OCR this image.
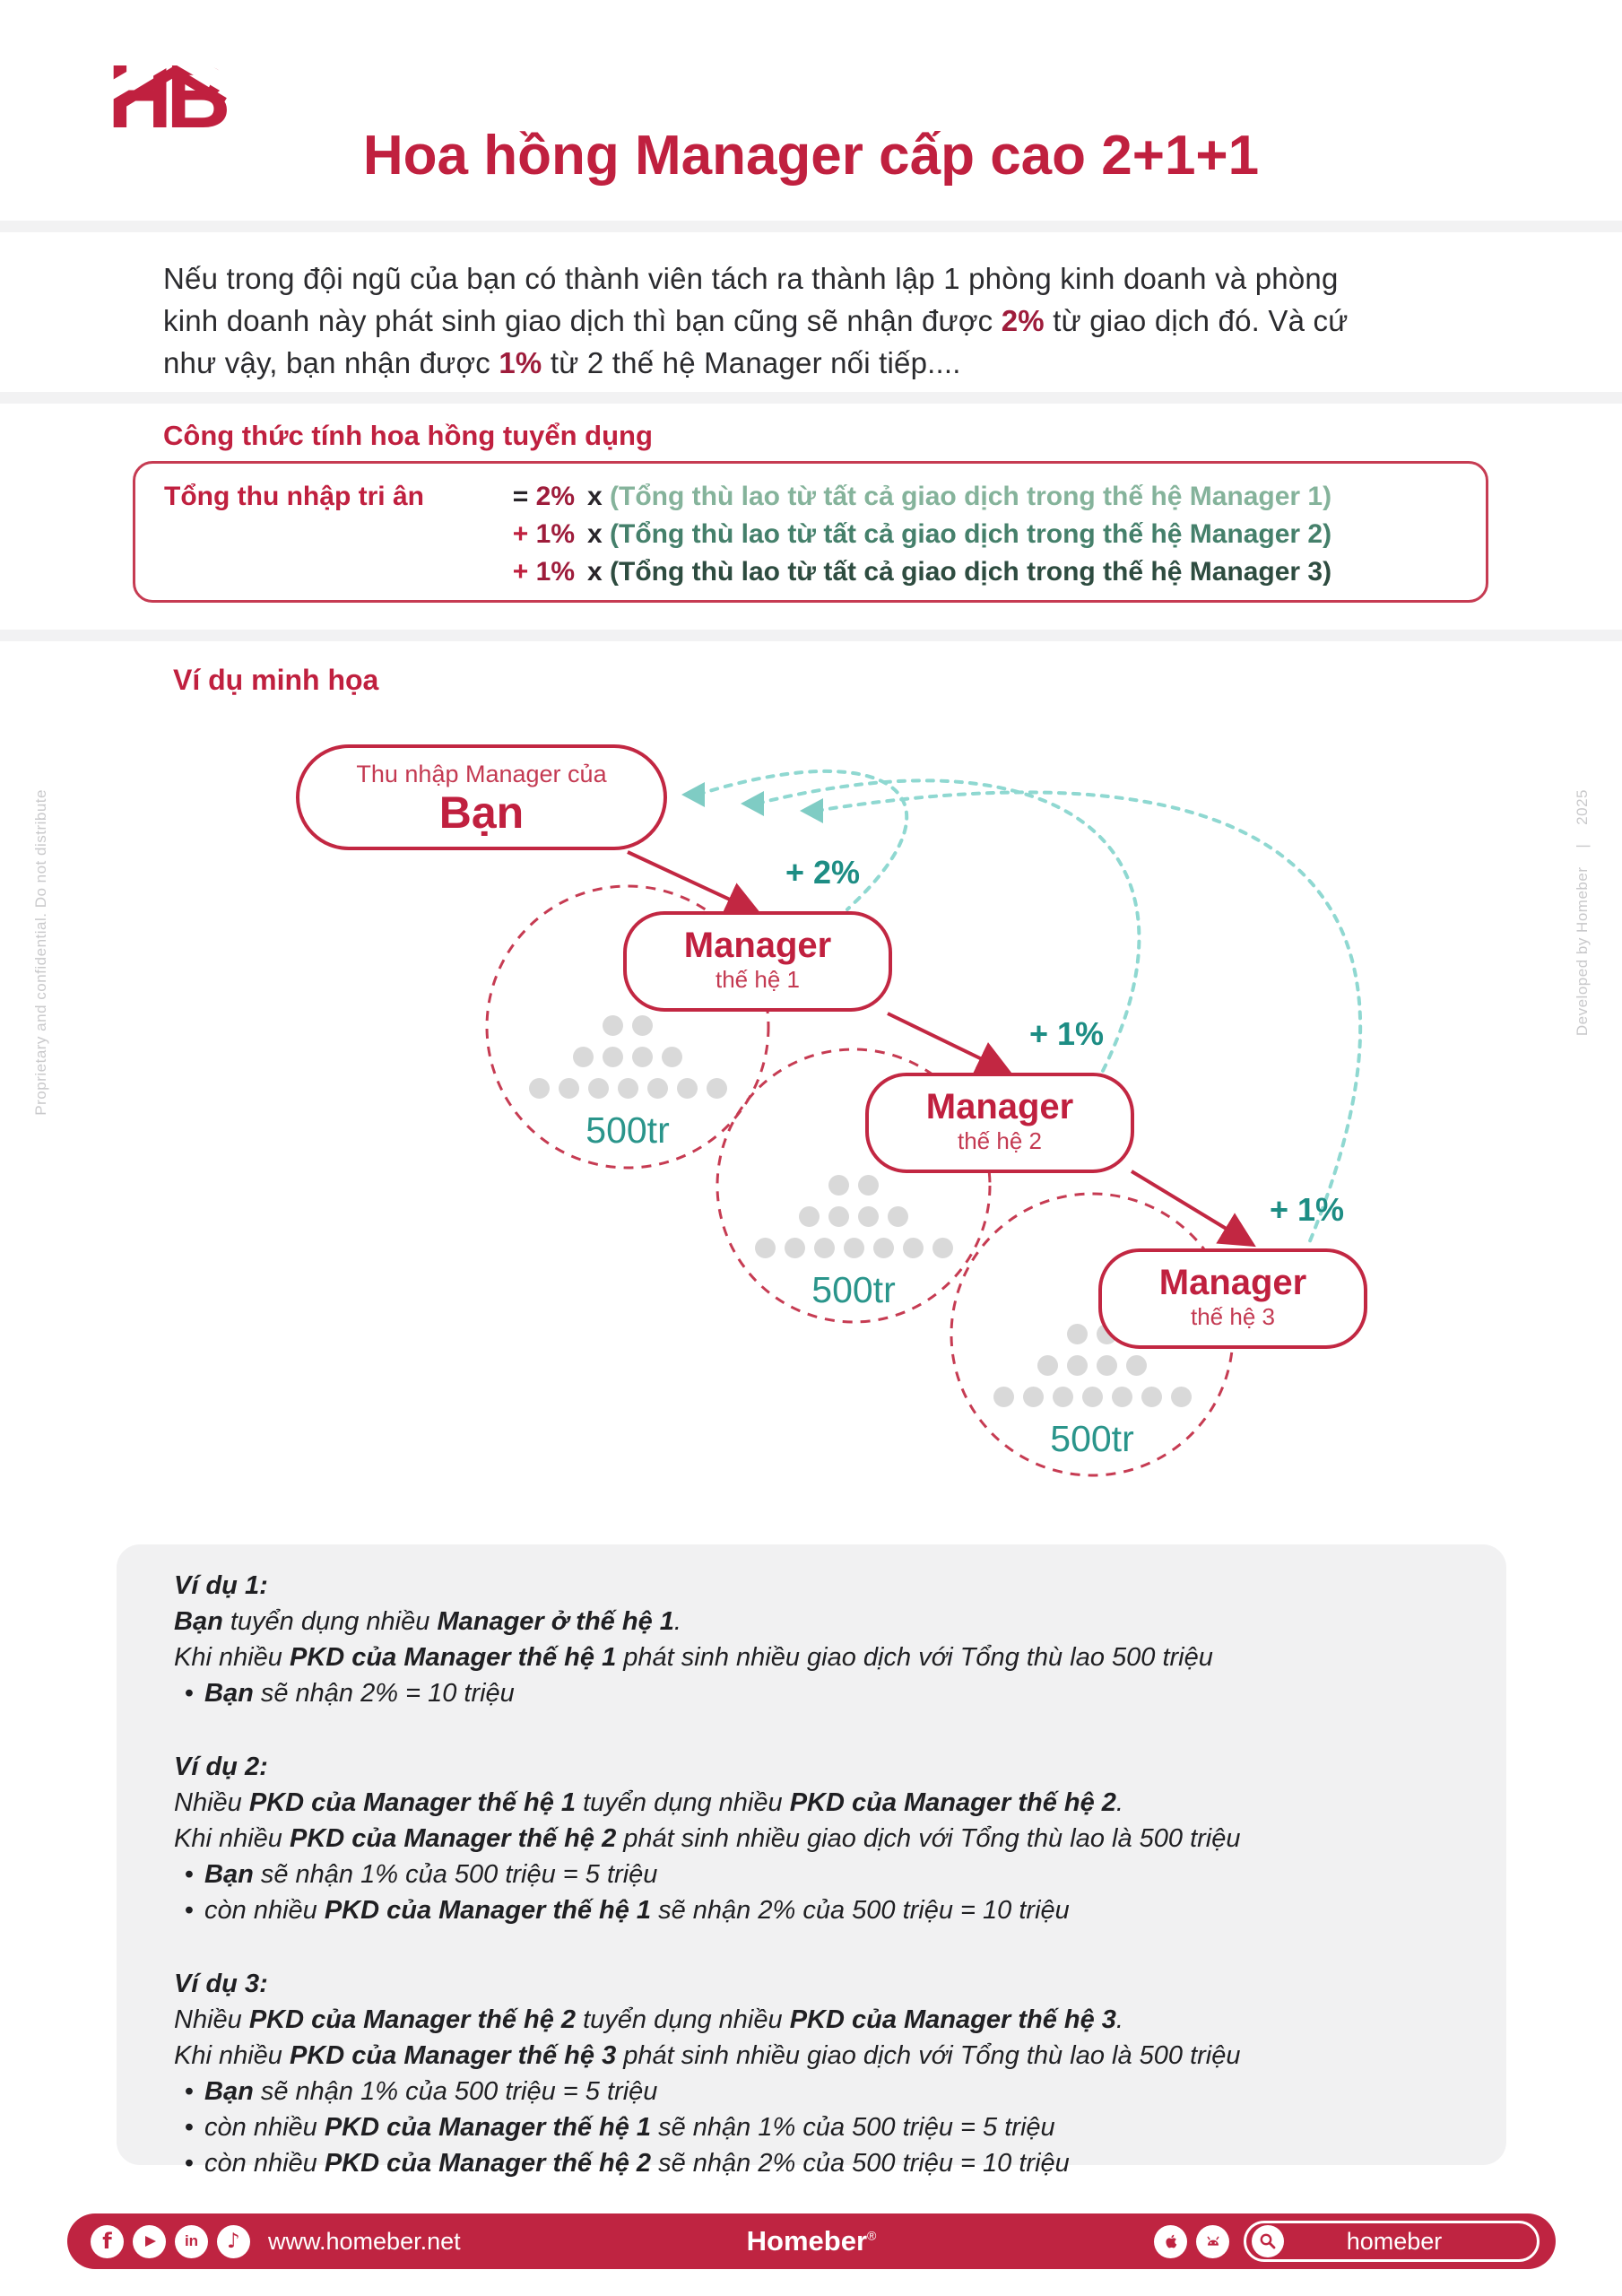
HB
Hoa hồng Manager cấp cao 2+1+1
Nếu trong đội ngũ của bạn có thành viên tách ra thành lập 1 phòng kinh doanh và phòng kinh doanh này phát sinh giao dịch thì bạn cũng sẽ nhận được 2% từ giao dịch đó. Và cứ như vậy, bạn nhận được 1% từ 2 thế hệ Manager nối tiếp....
Công thức tính hoa hồng tuyển dụng
Tổng thu nhập tri ân	= 2% x (Tổng thù lao từ tất cả giao dịch trong thế hệ Manager 1)
+ 1% x (Tổng thù lao từ tất cả giao dịch trong thế hệ Manager 2)
+ 1% x (Tổng thù lao từ tất cả giao dịch trong thế hệ Manager 3)
Ví dụ minh họa
Thu nhập Manager của
Bạn
Manager
thế hệ 1
Manager
thế hệ 2
Manager
thế hệ 3
+ 2%
+ 1%
+ 1%
500tr
500tr
500tr
Ví dụ 1:
Bạn tuyển dụng nhiều Manager ở thế hệ 1.
Khi nhiều PKD của Manager thế hệ 1 phát sinh nhiều giao dịch với Tổng thù lao 500 triệu
• Bạn sẽ nhận 2% = 10 triệu
Ví dụ 2:
Nhiều PKD của Manager thế hệ 1 tuyển dụng nhiều PKD của Manager thế hệ 2.
Khi nhiều PKD của Manager thế hệ 2 phát sinh nhiều giao dịch với Tổng thù lao là 500 triệu
• Bạn sẽ nhận 1% của 500 triệu = 5 triệu
• còn nhiều PKD của Manager thế hệ 1 sẽ nhận 2% của 500 triệu = 10 triệu
Ví dụ 3:
Nhiều PKD của Manager thế hệ 2 tuyển dụng nhiều PKD của Manager thế hệ 3.
Khi nhiều PKD của Manager thế hệ 3 phát sinh nhiều giao dịch với Tổng thù lao là 500 triệu
• Bạn sẽ nhận 1% của 500 triệu = 5 triệu
• còn nhiều PKD của Manager thế hệ 1 sẽ nhận 1% của 500 triệu = 5 triệu
• còn nhiều PKD của Manager thế hệ 2 sẽ nhận 2% của 500 triệu = 10 triệu
f	in ♪ www.homeber.net	Homeber®	homeber
Proprietary and confidential. Do not distribute	Developed by Homeber    |    2025
